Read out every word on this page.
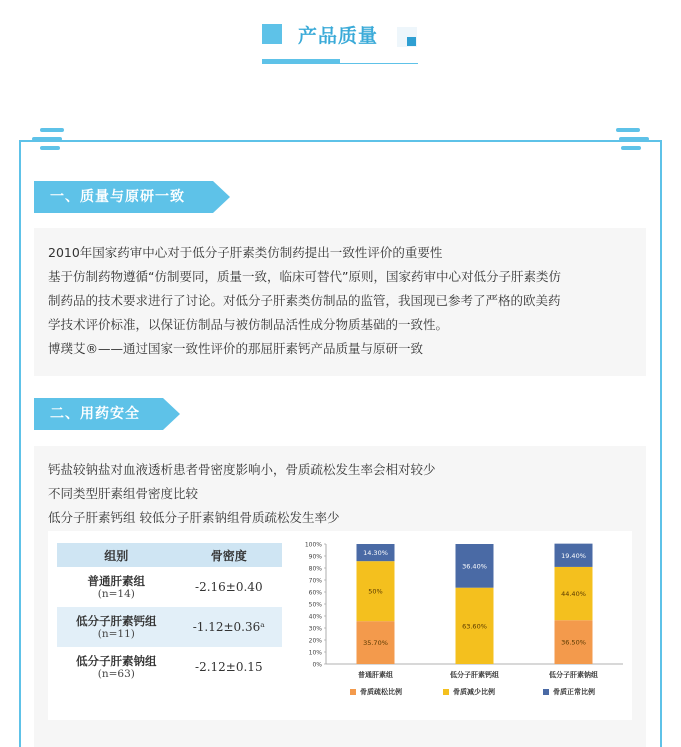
产品质量
一、质量与原研一致
2010年国家药审中心对于低分子肝素类仿制药提出一致性评价的重要性
基于仿制药物遵循“仿制要同，质量一致，临床可替代”原则，国家药审中心对低分子肝素类仿
制药品的技术要求进行了讨论。对低分子肝素类仿制品的监管，我国现已参考了严格的欧美药
学技术评价标准，以保证仿制品与被仿制品活性成分物质基础的一致性。
博璞艾®——通过国家一致性评价的那屈肝素钙产品质量与原研一致
二、用药安全
钙盐较钠盐对血液透析患者骨密度影响小，骨质疏松发生率会相对较少
不同类型肝素组骨密度比较
低分子肝素钙组 较低分子肝素钠组骨质疏松发生率少
组别	骨密度

普通肝素组
(n=14)	-2.16±0.40

低分子肝素钙组
(n=11)	-1.12±0.36ᵃ

低分子肝素钠组
(n=63)	-2.12±0.15	0%
10%
20%
30%
40%
50%
60%
70%
80%
90%
100%
35.70%
50%
14.30%
普通肝素组
63.60%
36.40%
低分子肝素钙组
36.50%
44.40%
19.40%
低分子肝素钠组
骨质疏松比例	骨质减少比例	骨质正常比例
